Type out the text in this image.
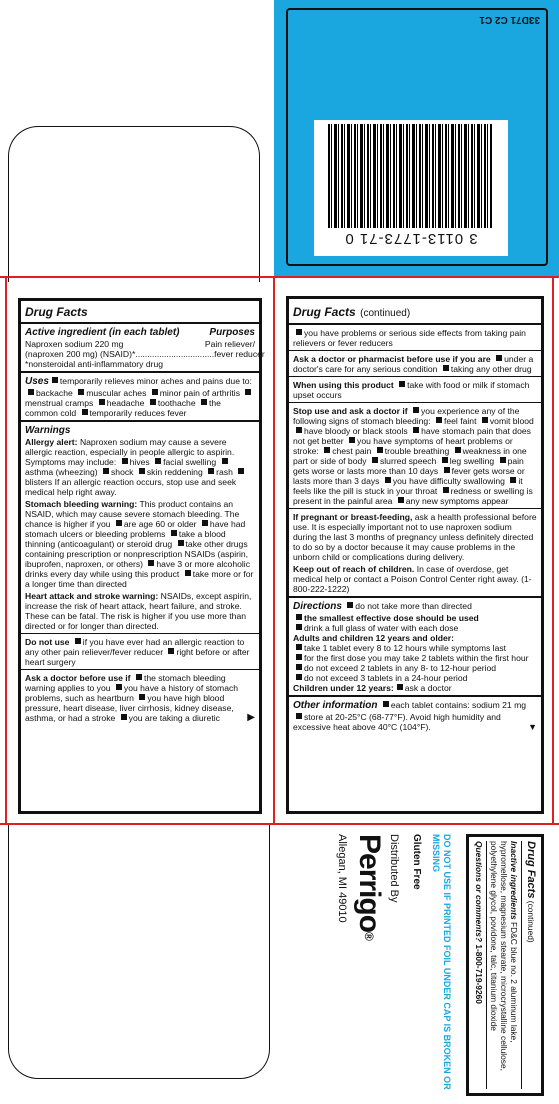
33D71 C2 C1
3 0113-1773-71 0
Drug Facts
Active ingredient (in each tablet)	Purposes
Naproxen sodium 220 mg	Pain reliever/
(naproxen 200 mg) (NSAID)* ................................. fever reducer
*nonsteroidal anti-inflammatory drug
Uses temporarily relieves minor aches and pains due to:
backache muscular aches minor pain of arthritis menstrual cramps headache toothache the common cold temporarily reduces fever
Warnings

Allergy alert: Naproxen sodium may cause a severe allergic reaction, especially in people allergic to aspirin. Symptoms may include: hives facial swelling asthma (wheezing) shock skin reddening rash blisters If an allergic reaction occurs, stop use and seek medical help right away.

Stomach bleeding warning: This product contains an NSAID, which may cause severe stomach bleeding. The chance is higher if you are age 60 or older have had stomach ulcers or bleeding problems take a blood thinning (anticoagulant) or steroid drug take other drugs containing prescription or nonprescription NSAIDs (aspirin, ibuprofen, naproxen, or others) have 3 or more alcoholic drinks every day while using this product take more or for a longer time than directed

Heart attack and stroke warning: NSAIDs, except aspirin, increase the risk of heart attack, heart failure, and stroke. These can be fatal. The risk is higher if you use more than directed or for longer than directed.

Do not use if you have ever had an allergic reaction to any other pain reliever/fever reducer right before or after heart surgery
Ask a doctor before use if the stomach bleeding warning applies to you you have a history of stomach problems, such as heartburn you have high blood pressure, heart disease, liver cirrhosis, kidney disease, asthma, or had a stroke you are taking a diuretic	▶
Drug Facts (continued)
you have problems or serious side effects from taking pain relievers or fever reducers
Ask a doctor or pharmacist before use if you are under a doctor's care for any serious condition taking any other drug
When using this product take with food or milk if stomach upset occurs
Stop use and ask a doctor if you experience any of the following signs of stomach bleeding: feel faint vomit blood have bloody or black stools have stomach pain that does not get better you have symptoms of heart problems or stroke: chest pain trouble breathing weakness in one part or side of body slurred speech leg swelling pain gets worse or lasts more than 10 days fever gets worse or lasts more than 3 days you have difficulty swallowing it feels like the pill is stuck in your throat redness or swelling is present in the painful area any new symptoms appear

If pregnant or breast-feeding, ask a health professional before use. It is especially important not to use naproxen sodium during the last 3 months of pregnancy unless definitely directed to do so by a doctor because it may cause problems in the unborn child or complications during delivery.

Keep out of reach of children. In case of overdose, get medical help or contact a Poison Control Center right away. (1-800-222-1222)

Directions do not take more than directed
the smallest effective dose should be used
drink a full glass of water with each dose
Adults and children 12 years and older:
take 1 tablet every 8 to 12 hours while symptoms last
for the first dose you may take 2 tablets within the first hour
do not exceed 2 tablets in any 8- to 12-hour period
do not exceed 3 tablets in a 24-hour period
Children under 12 years: ask a doctor
Other information each tablet contains: sodium 21 mg store at 20-25°C (68-77°F). Avoid high humidity and excessive heat above 40°C (104°F).	▼
Drug Facts (continued)
Inactive ingredients FD&C blue no. 2 aluminum lake, hypromellose, magnesium stearate, microcrystalline cellulose, polyethylene glycol, povidone, talc, titanium dioxide
Questions or comments? 1-800-719-9260
DO NOT USE IF PRINTED FOIL UNDER CAP IS BROKEN OR MISSING
Gluten Free
Distributed By
Perrigo®
Allegan, MI 49010
